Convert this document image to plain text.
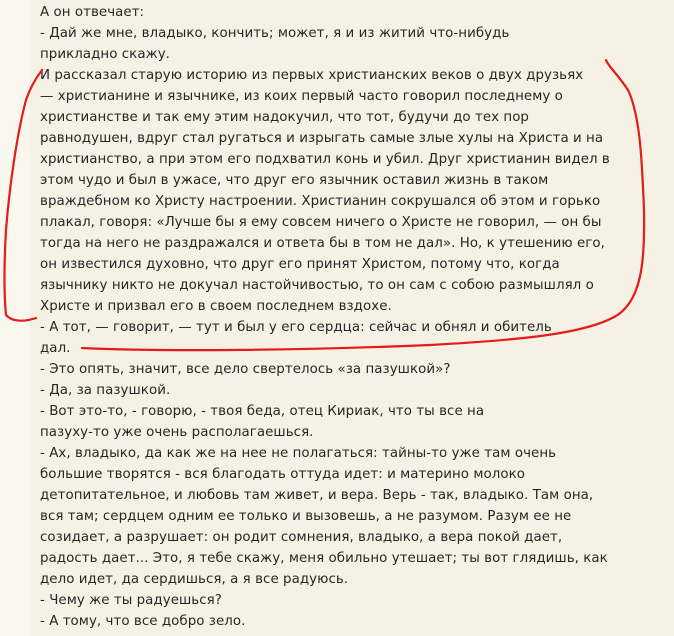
А он отвечает:
- Дай же мне, владыко, кончить; может, я и из житий что-нибудь
прикладно скажу.
И рассказал старую историю из первых христианских веков о двух друзьях
— христианине и язычнике, из коих первый часто говорил последнему о
христианстве и так ему этим надокучил, что тот, будучи до тех пор
равнодушен, вдруг стал ругаться и изрыгать самые злые хулы на Христа и на
христианство, а при этом его подхватил конь и убил. Друг христианин видел в
этом чудо и был в ужасе, что друг его язычник оставил жизнь в таком
враждебном ко Христу настроении. Христианин сокрушался об этом и горько
плакал, говоря: «Лучше бы я ему совсем ничего о Христе не говорил, — он бы
тогда на него не раздражался и ответа бы в том не дал». Но, к утешению его,
он известился духовно, что друг его принят Христом, потому что, когда
язычнику никто не докучал настойчивостью, то он сам с собою размышлял о
Христе и призвал его в своем последнем вздохе.
- А тот, — говорит, — тут и был у его сердца: сейчас и обнял и обитель
дал.
- Это опять, значит, все дело свертелось «за пазушкой»?
- Да, за пазушкой.
- Вот это-то, - говорю, - твоя беда, отец Кириак, что ты все на
пазуху-то уже очень располагаешься.
- Ах, владыко, да как же на нее не полагаться: тайны-то уже там очень
большие творятся - вся благодать оттуда идет: и материно молоко
детопитательное, и любовь там живет, и вера. Верь - так, владыко. Там она,
вся там; сердцем одним ее только и вызовешь, а не разумом. Разум ее не
созидает, а разрушает: он родит сомнения, владыко, а вера покой дает,
радость дает... Это, я тебе скажу, меня обильно утешает; ты вот глядишь, как
дело идет, да сердишься, а я все радуюсь.
- Чему же ты радуешься?
- А тому, что все добро зело.
